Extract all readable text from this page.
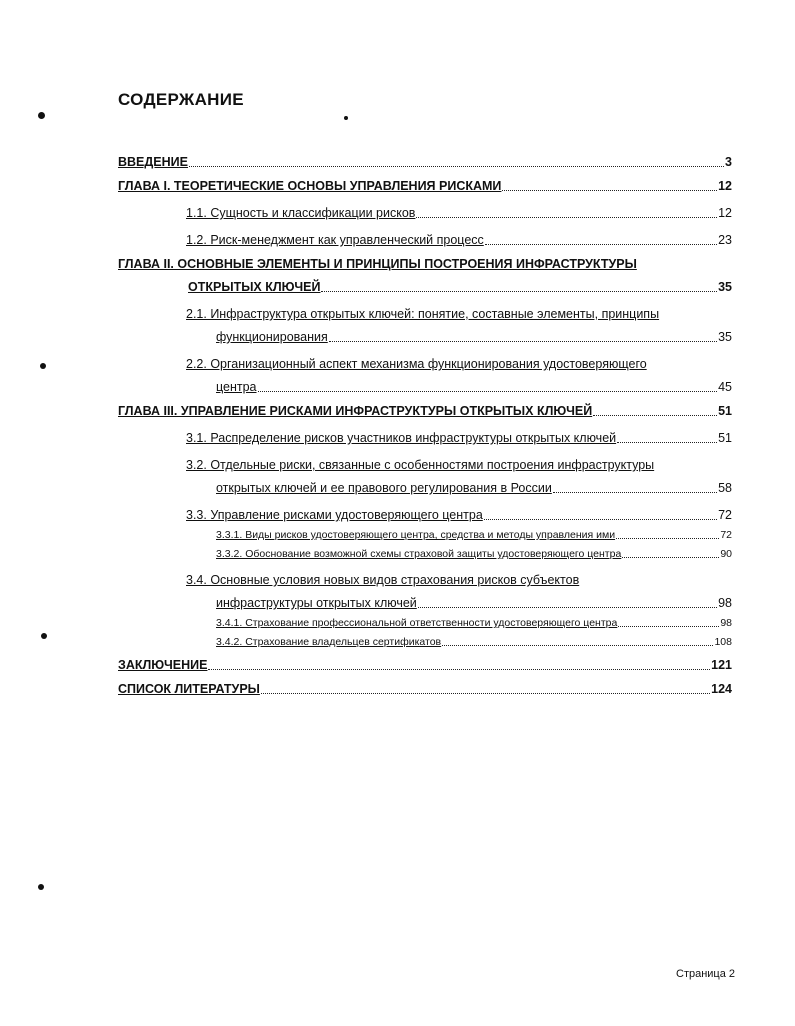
СОДЕРЖАНИЕ
ВВЕДЕНИЕ	3
ГЛАВА I. ТЕОРЕТИЧЕСКИЕ ОСНОВЫ УПРАВЛЕНИЯ РИСКАМИ	12
1.1. Сущность и классификации рисков	12
1.2. Риск-менеджмент как управленческий процесс	23
ГЛАВА II. ОСНОВНЫЕ ЭЛЕМЕНТЫ И ПРИНЦИПЫ ПОСТРОЕНИЯ ИНФРАСТРУКТУРЫ
ОТКРЫТЫХ КЛЮЧЕЙ	35
2.1. Инфраструктура открытых ключей: понятие, составные элементы, принципы
функционирования	35
2.2. Организационный аспект механизма функционирования удостоверяющего
центра	45
ГЛАВА III. УПРАВЛЕНИЕ РИСКАМИ ИНФРАСТРУКТУРЫ ОТКРЫТЫХ КЛЮЧЕЙ	51
3.1. Распределение рисков участников инфраструктуры открытых ключей	51
3.2. Отдельные риски, связанные с особенностями построения инфраструктуры
открытых ключей и ее правового регулирования в России	58
3.3. Управление рисками удостоверяющего центра	72
3.3.1. Виды рисков удостоверяющего центра, средства и методы управления ими	72
3.3.2. Обоснование возможной схемы страховой защиты удостоверяющего центра	90
3.4. Основные условия новых видов страхования рисков субъектов
инфраструктуры открытых ключей	98
3.4.1. Страхование профессиональной ответственности удостоверяющего центра	98
3.4.2. Страхование владельцев сертификатов	108
ЗАКЛЮЧЕНИЕ	121
СПИСОК ЛИТЕРАТУРЫ	124
Страница 2
